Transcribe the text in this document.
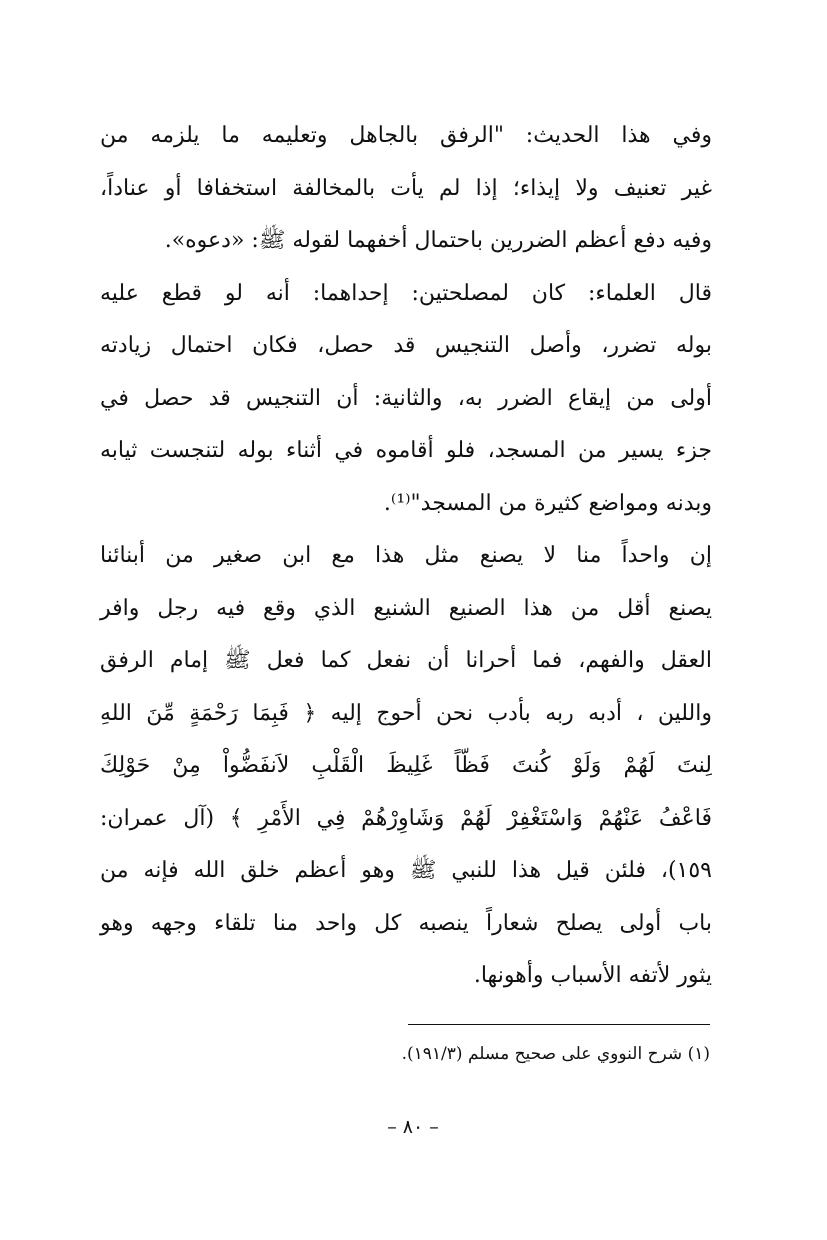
وفي هذا الحديث: "الرفق بالجاهل وتعليمه ما يلزمه من
غير تعنيف ولا إيذاء؛ إذا لم يأت بالمخالفة استخفافا أو عناداً،
وفيه دفع أعظم الضررين باحتمال أخفهما لقوله ﷺ: «دعوه».
قال العلماء: كان لمصلحتين: إحداهما: أنه لو قطع عليه
بوله تضرر، وأصل التنجيس قد حصل، فكان احتمال زيادته
أولى من إيقاع الضرر به، والثانية: أن التنجيس قد حصل في
جزء يسير من المسجد، فلو أقاموه في أثناء بوله لتنجست ثيابه
وبدنه ومواضع كثيرة من المسجد"⁽¹⁾.
إن واحداً منا لا يصنع مثل هذا مع ابن صغير من أبنائنا
يصنع أقل من هذا الصنيع الشنيع الذي وقع فيه رجل وافر
العقل والفهم، فما أحرانا أن نفعل كما فعل ﷺ إمام الرفق
واللين ، أدبه ربه بأدب نحن أحوج إليه ﴿ فَبِمَا رَحْمَةٍ مِّنَ اللهِ
لِنتَ لَهُمْ وَلَوْ كُنتَ فَظّاً غَلِيظَ الْقَلْبِ لاَنفَضُّواْ مِنْ حَوْلِكَ
فَاعْفُ عَنْهُمْ وَاسْتَغْفِرْ لَهُمْ وَشَاوِرْهُمْ فِي الأَمْرِ ﴾ (آل عمران:
١٥٩)، فلئن قيل هذا للنبي ﷺ وهو أعظم خلق الله فإنه من
باب أولى يصلح شعاراً ينصبه كل واحد منا تلقاء وجهه وهو
يثور لأتفه الأسباب وأهونها.
(١) شرح النووي على صحيح مسلم (١٩١/٣).
– ٨٠ –
